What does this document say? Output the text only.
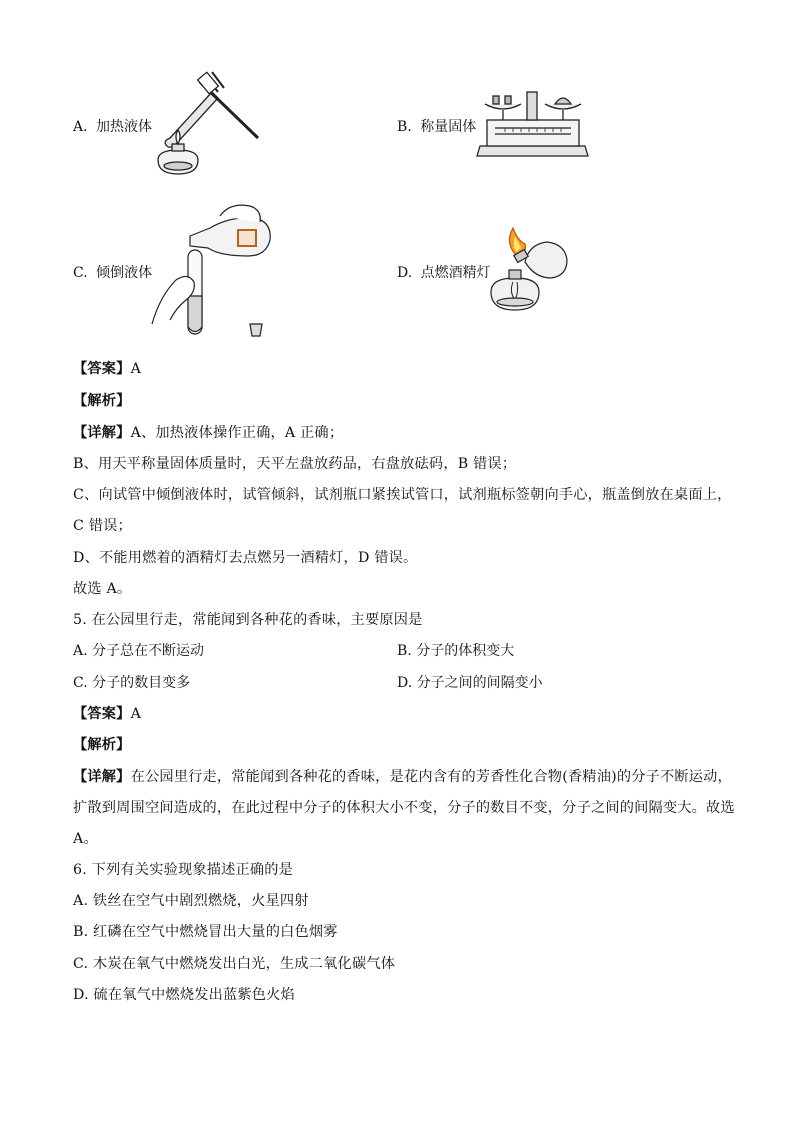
A. 加热液体	B. 称量固体
C. 倾倒液体	D. 点燃酒精灯
【答案】A
【解析】
【详解】A、加热液体操作正确，A 正确；
B、用天平称量固体质量时，天平左盘放药品，右盘放砝码，B 错误；
C、向试管中倾倒液体时，试管倾斜，试剂瓶口紧挨试管口，试剂瓶标签朝向手心，瓶盖倒放在桌面上，
C 错误；
D、不能用燃着的酒精灯去点燃另一酒精灯，D 错误。
故选 A。
5. 在公园里行走，常能闻到各种花的香味，主要原因是
A. 分子总在不断运动	B. 分子的体积变大
C. 分子的数目变多	D. 分子之间的间隔变小
【答案】A
【解析】
【详解】在公园里行走，常能闻到各种花的香味，是花内含有的芳香性化合物(香精油)的分子不断运动，
扩散到周围空间造成的，在此过程中分子的体积大小不变，分子的数目不变，分子之间的间隔变大。故选
A。
6. 下列有关实验现象描述正确的是
A. 铁丝在空气中剧烈燃烧，火星四射
B. 红磷在空气中燃烧冒出大量的白色烟雾
C. 木炭在氧气中燃烧发出白光，生成二氧化碳气体
D. 硫在氧气中燃烧发出蓝紫色火焰
